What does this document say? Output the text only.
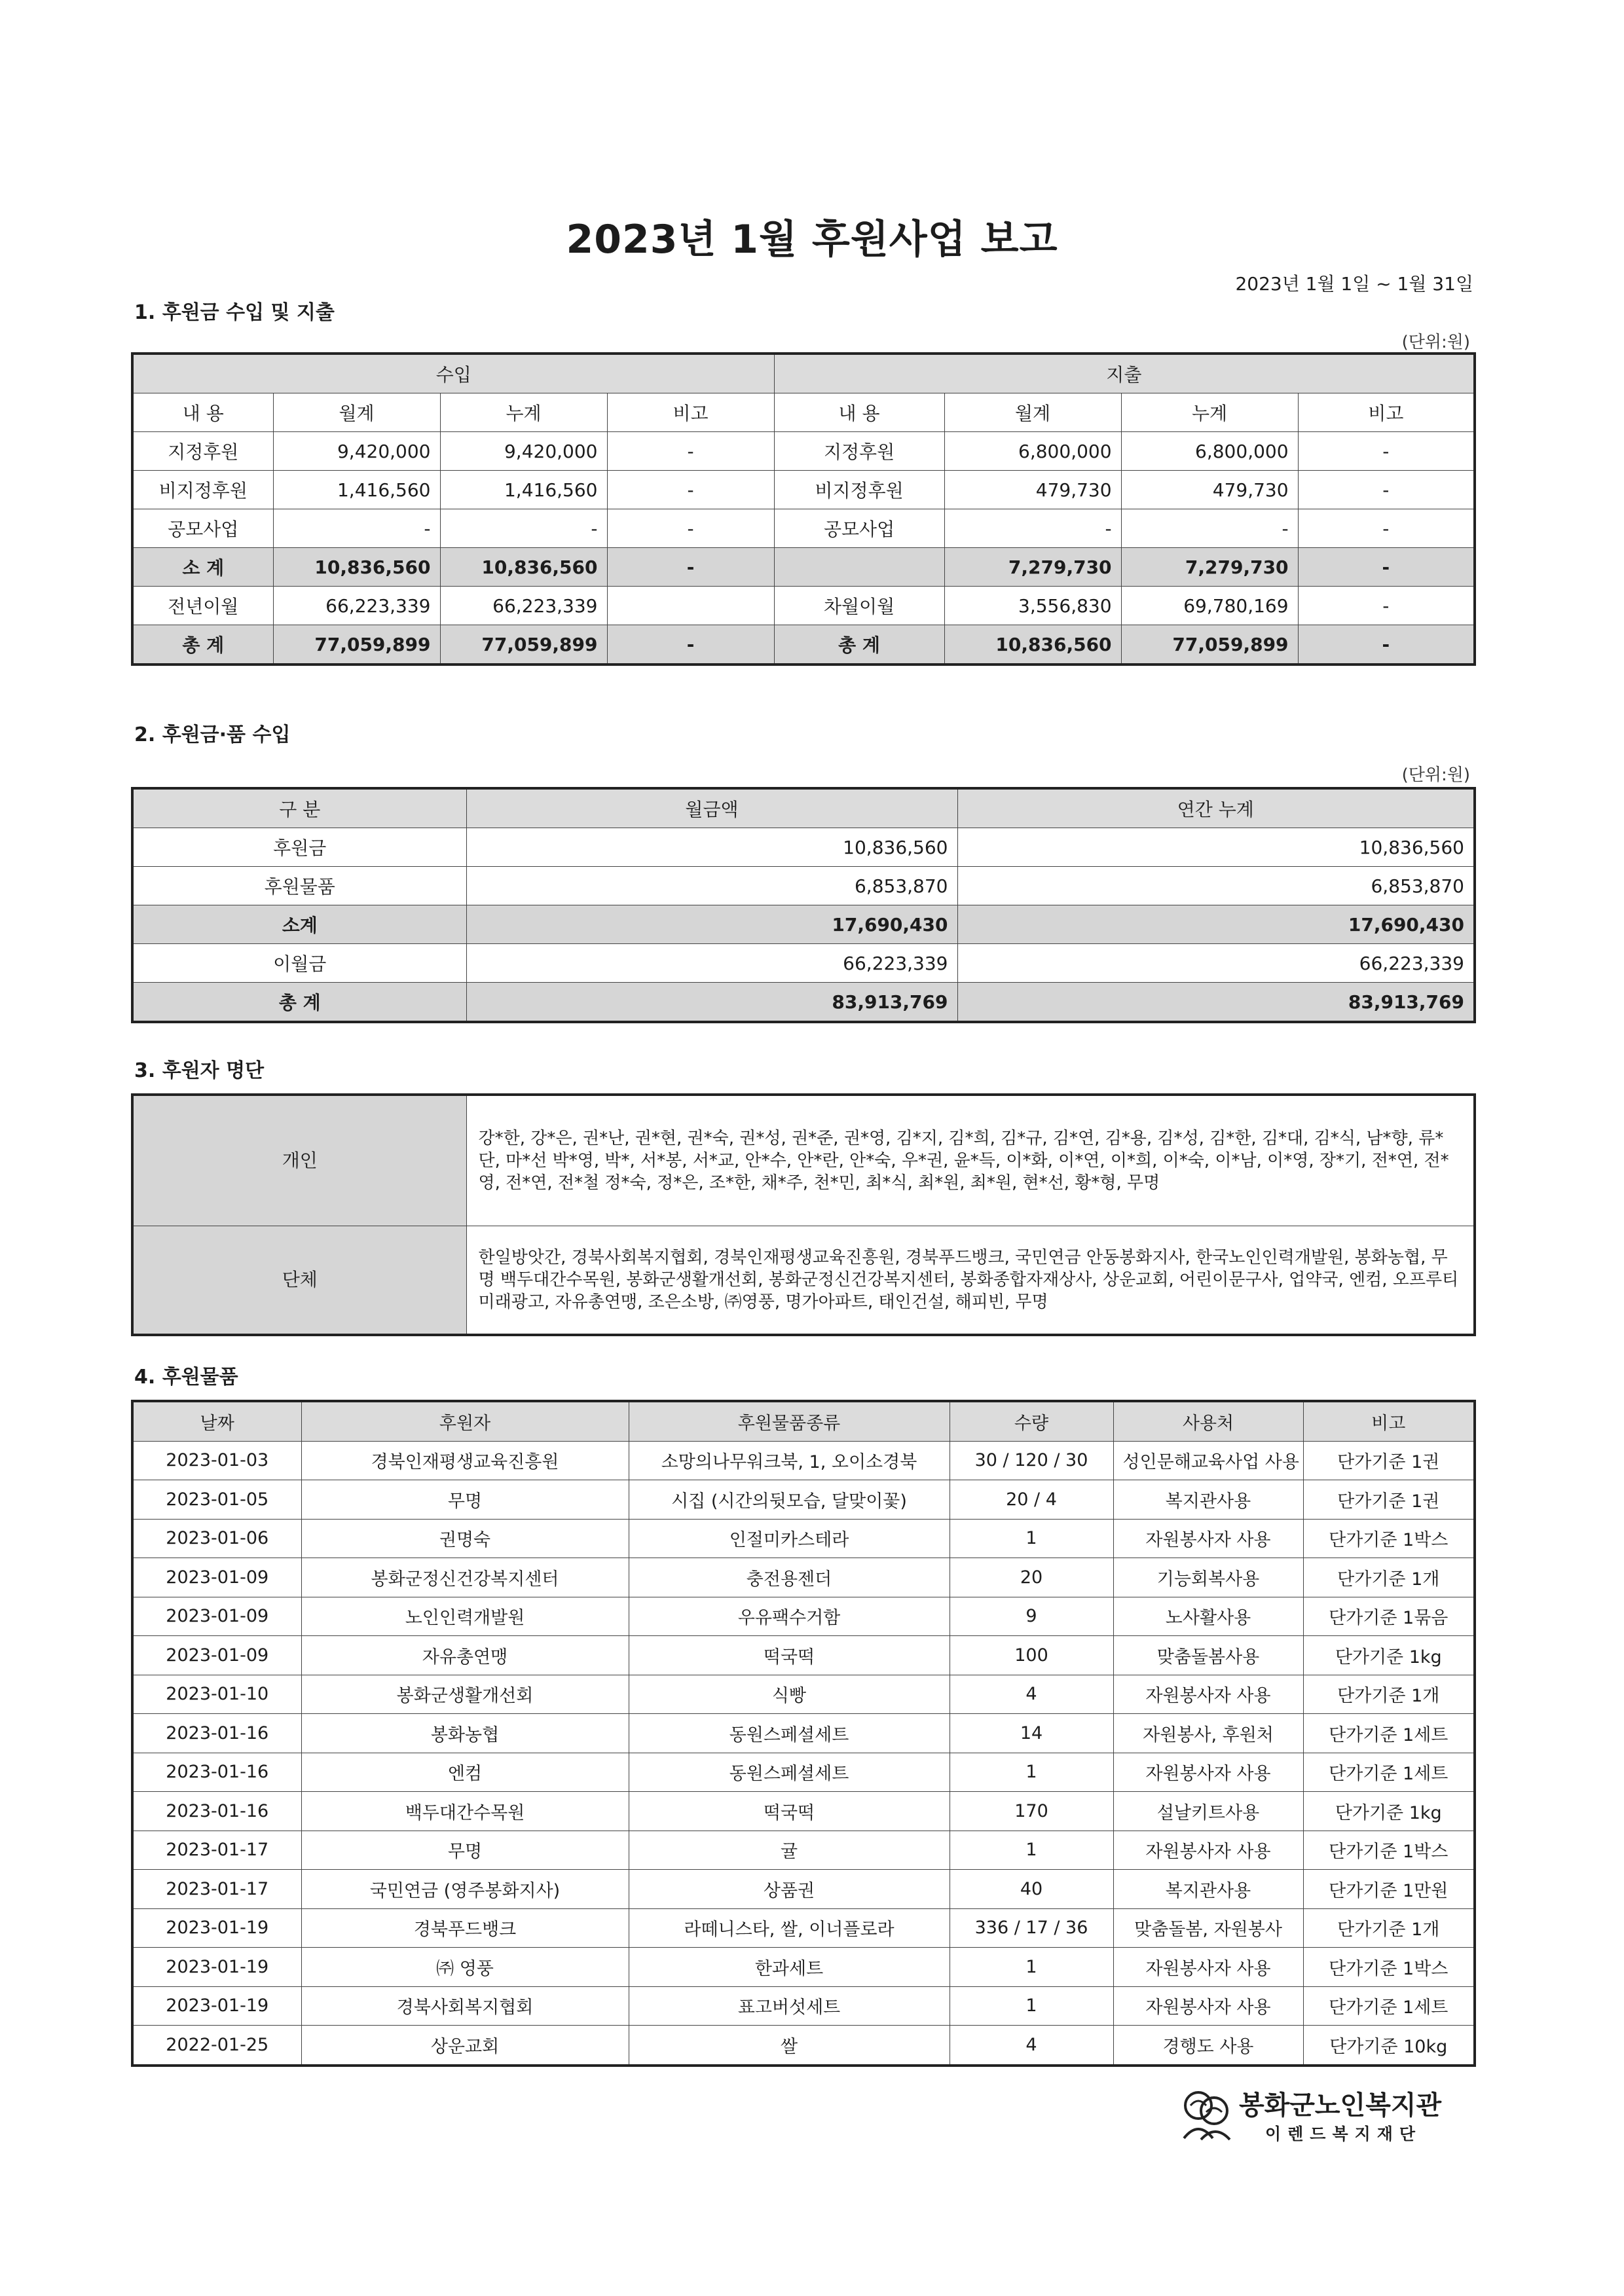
2023년 1월 후원사업 보고
2023년 1월 1일 ~ 1월 31일
1. 후원금 수입 및 지출
(단위:원)
수입				지출			
내 용	월계	누계	비고	내 용	월계	누계	비고
지정후원	9,420,000	9,420,000	-	지정후원	6,800,000	6,800,000	-
비지정후원	1,416,560	1,416,560	-	비지정후원	479,730	479,730	-
공모사업	-	-	-	공모사업	-	-	-
소 계	10,836,560	10,836,560	-		7,279,730	7,279,730	-
전년이월	66,223,339	66,223,339		차월이월	3,556,830	69,780,169	-
총 계	77,059,899	77,059,899	-	총 계	10,836,560	77,059,899	-
2. 후원금·품 수입
(단위:원)
구 분	월금액	연간 누계
후원금	10,836,560	10,836,560
후원물품	6,853,870	6,853,870
소계	17,690,430	17,690,430
이월금	66,223,339	66,223,339
총 계	83,913,769	83,913,769
3. 후원자 명단
개인	강*한, 강*은, 권*난, 권*현, 권*숙, 권*성, 권*준, 권*영, 김*지, 김*희, 김*규, 김*연, 김*용, 김*성, 김*한, 김*대, 김*식, 남*향, 류*단, 마*선 박*영, 박*, 서*봉, 서*교, 안*수, 안*란, 안*숙, 우*권, 윤*득, 이*화, 이*연, 이*희, 이*숙, 이*남, 이*영, 장*기, 전*연, 전*영, 전*연, 전*철 정*숙, 정*은, 조*한, 채*주, 천*민, 최*식, 최*원, 최*원, 현*선, 황*형, 무명
단체	한일방앗간, 경북사회복지협회, 경북인재평생교육진흥원, 경북푸드뱅크, 국민연금 안동봉화지사, 한국노인인력개발원, 봉화농협, 무명 백두대간수목원, 봉화군생활개선회, 봉화군정신건강복지센터, 봉화종합자재상사, 상운교회, 어린이문구사, 업약국, 엔컴, 오프루티 미래광고, 자유총연맹, 조은소방, ㈜영풍, 명가아파트, 태인건설, 해피빈, 무명
4. 후원물품
날짜	후원자	후원물품종류	수량	사용처	비고
2023-01-03	경북인재평생교육진흥원	소망의나무워크북, 1, 오이소경북	30 / 120 / 30	성인문해교육사업 사용	단가기준 1권
2023-01-05	무명	시집 (시간의뒷모습, 달맞이꽃)	20 / 4	복지관사용	단가기준 1권
2023-01-06	권명숙	인절미카스테라	1	자원봉사자 사용	단가기준 1박스
2023-01-09	봉화군정신건강복지센터	충전용젠더	20	기능회복사용	단가기준 1개
2023-01-09	노인인력개발원	우유팩수거함	9	노사활사용	단가기준 1묶음
2023-01-09	자유총연맹	떡국떡	100	맞춤돌봄사용	단가기준 1kg
2023-01-10	봉화군생활개선회	식빵	4	자원봉사자 사용	단가기준 1개
2023-01-16	봉화농협	동원스페셜세트	14	자원봉사, 후원처	단가기준 1세트
2023-01-16	엔컴	동원스페셜세트	1	자원봉사자 사용	단가기준 1세트
2023-01-16	백두대간수목원	떡국떡	170	설날키트사용	단가기준 1kg
2023-01-17	무명	귤	1	자원봉사자 사용	단가기준 1박스
2023-01-17	국민연금 (영주봉화지사)	상품권	40	복지관사용	단가기준 1만원
2023-01-19	경북푸드뱅크	라떼니스타, 쌀, 이너플로라	336 / 17 / 36	맞춤돌봄, 자원봉사	단가기준 1개
2023-01-19	㈜ 영풍	한과세트	1	자원봉사자 사용	단가기준 1박스
2023-01-19	경북사회복지협회	표고버섯세트	1	자원봉사자 사용	단가기준 1세트
2022-01-25	상운교회	쌀	4	경행도 사용	단가기준 10kg
봉화군노인복지관
이렌드복지재단
